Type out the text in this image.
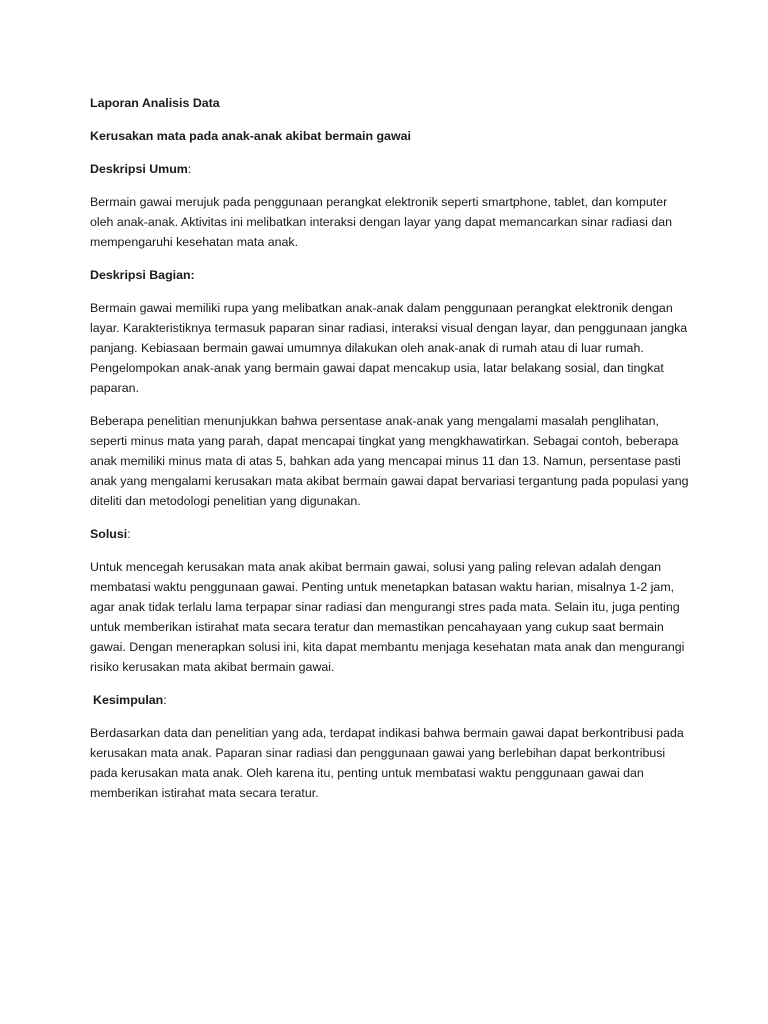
Laporan Analisis Data

Kerusakan mata pada anak-anak akibat bermain gawai

Deskripsi Umum:

Bermain gawai merujuk pada penggunaan perangkat elektronik seperti smartphone, tablet, dan komputer oleh anak-anak. Aktivitas ini melibatkan interaksi dengan layar yang dapat memancarkan sinar radiasi dan mempengaruhi kesehatan mata anak.

Deskripsi Bagian:

Bermain gawai memiliki rupa yang melibatkan anak-anak dalam penggunaan perangkat elektronik dengan layar. Karakteristiknya termasuk paparan sinar radiasi, interaksi visual dengan layar, dan penggunaan jangka panjang. Kebiasaan bermain gawai umumnya dilakukan oleh anak-anak di rumah atau di luar rumah. Pengelompokan anak-anak yang bermain gawai dapat mencakup usia, latar belakang sosial, dan tingkat paparan.

Beberapa penelitian menunjukkan bahwa persentase anak-anak yang mengalami masalah penglihatan, seperti minus mata yang parah, dapat mencapai tingkat yang mengkhawatirkan. Sebagai contoh, beberapa anak memiliki minus mata di atas 5, bahkan ada yang mencapai minus 11 dan 13. Namun, persentase pasti anak yang mengalami kerusakan mata akibat bermain gawai dapat bervariasi tergantung pada populasi yang diteliti dan metodologi penelitian yang digunakan.

Solusi:

Untuk mencegah kerusakan mata anak akibat bermain gawai, solusi yang paling relevan adalah dengan membatasi waktu penggunaan gawai. Penting untuk menetapkan batasan waktu harian, misalnya 1-2 jam, agar anak tidak terlalu lama terpapar sinar radiasi dan mengurangi stres pada mata. Selain itu, juga penting untuk memberikan istirahat mata secara teratur dan memastikan pencahayaan yang cukup saat bermain gawai. Dengan menerapkan solusi ini, kita dapat membantu menjaga kesehatan mata anak dan mengurangi risiko kerusakan mata akibat bermain gawai.

Kesimpulan:

Berdasarkan data dan penelitian yang ada, terdapat indikasi bahwa bermain gawai dapat berkontribusi pada kerusakan mata anak. Paparan sinar radiasi dan penggunaan gawai yang berlebihan dapat berkontribusi pada kerusakan mata anak. Oleh karena itu, penting untuk membatasi waktu penggunaan gawai dan memberikan istirahat mata secara teratur.
